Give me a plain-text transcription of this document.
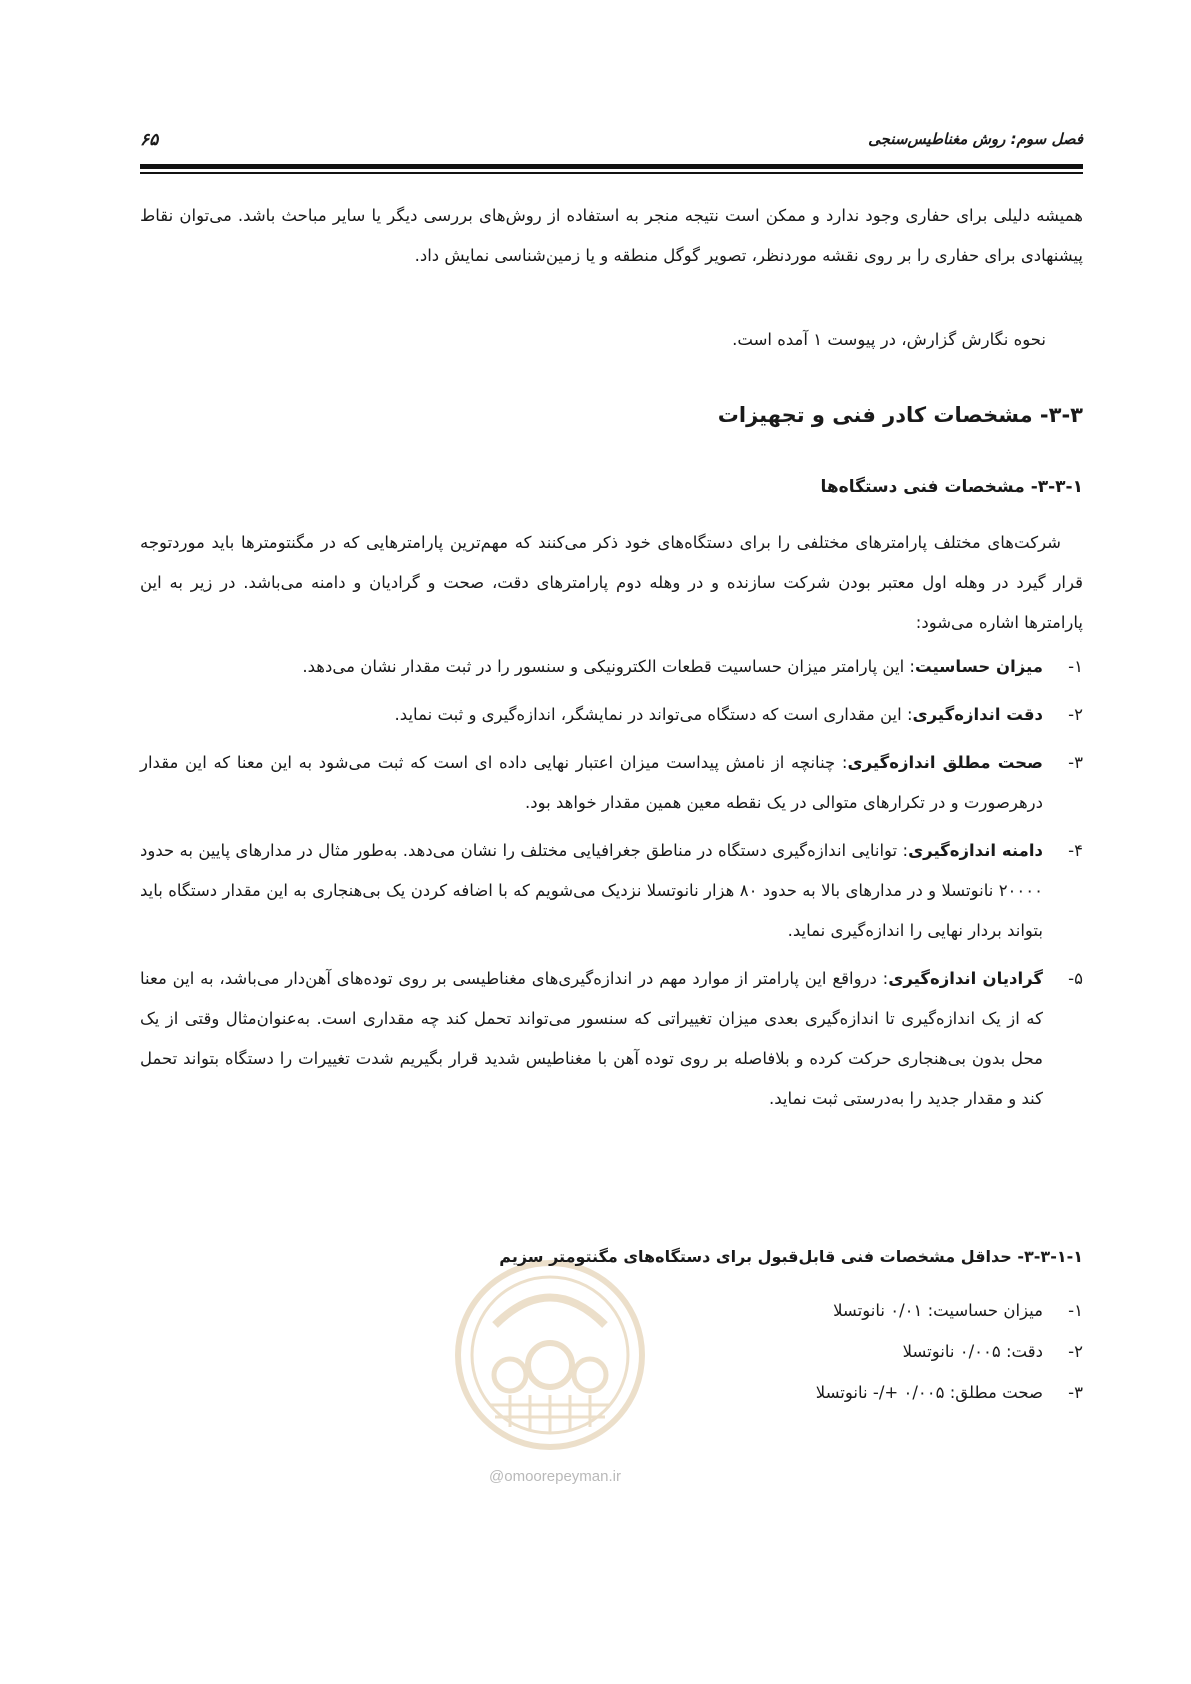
فصل سوم: روش مغناطیس‌سنجی
۶۵

همیشه دلیلی برای حفاری وجود ندارد و ممکن است نتیجه منجر به استفاده از روش‌های بررسی دیگر یا سایر مباحث باشد. می‌توان نقاط پیشنهادی برای حفاری را بر روی نقشه موردنظر، تصویر گوگل منطقه و یا زمین‌شناسی نمایش داد.

نحوه نگارش گزارش، در پیوست ۱ آمده است.

۳-۳- مشخصات کادر فنی و تجهیزات
۳-۳-۱- مشخصات فنی دستگاه‌ها

شرکت‌های مختلف پارامترهای مختلفی را برای دستگاه‌های خود ذکر می‌کنند که مهم‌ترین پارامترهایی که در مگنتومترها باید موردتوجه قرار گیرد در وهله اول معتبر بودن شرکت سازنده و در وهله دوم پارامترهای دقت، صحت و گرادیان و دامنه می‌باشد. در زیر به این پارامترها اشاره می‌شود:

۱-
میزان حساسیت: این پارامتر میزان حساسیت قطعات الکترونیکی و سنسور را در ثبت مقدار نشان می‌دهد.
۲-
دقت اندازه‌گیری: این مقداری است که دستگاه می‌تواند در نمایشگر، اندازه‌گیری و ثبت نماید.
۳-
صحت مطلق اندازه‌گیری: چنانچه از نامش پیداست میزان اعتبار نهایی داده ای است که ثبت می‌شود به این معنا که این مقدار درهرصورت و در تکرارهای متوالی در یک نقطه معین همین مقدار خواهد بود.
۴-
دامنه اندازه‌گیری: توانایی اندازه‌گیری دستگاه در مناطق جغرافیایی مختلف را نشان می‌دهد. به‌طور مثال در مدارهای پایین به حدود ۲۰۰۰۰ نانوتسلا و در مدارهای بالا به حدود ۸۰ هزار نانوتسلا نزدیک می‌شویم که با اضافه کردن یک بی‌هنجاری به این مقدار دستگاه باید بتواند بردار نهایی را اندازه‌گیری نماید.
۵-
گرادیان اندازه‌گیری: درواقع این پارامتر از موارد مهم در اندازه‌گیری‌های مغناطیسی بر روی توده‌های آهن‌دار می‌باشد، به این معنا که از یک اندازه‌گیری تا اندازه‌گیری بعدی میزان تغییراتی که سنسور می‌تواند تحمل کند چه مقداری است. به‌عنوان‌مثال وقتی از یک محل بدون بی‌هنجاری حرکت کرده و بلافاصله بر روی توده آهن با مغناطیس شدید قرار بگیریم شدت تغییرات را دستگاه بتواند تحمل کند و مقدار جدید را به‌درستی ثبت نماید.
@omoorepeyman.ir
۳-۳-۱-۱- حداقل مشخصات فنی قابل‌قبول برای دستگاه‌های مگنتومتر سزیم
۱-
میزان حساسیت: ۰/۰۱ نانوتسلا
۲-
دقت: ۰/۰۰۵ نانوتسلا
۳-
صحت مطلق: ۰/۰۰۵ +/- نانوتسلا
